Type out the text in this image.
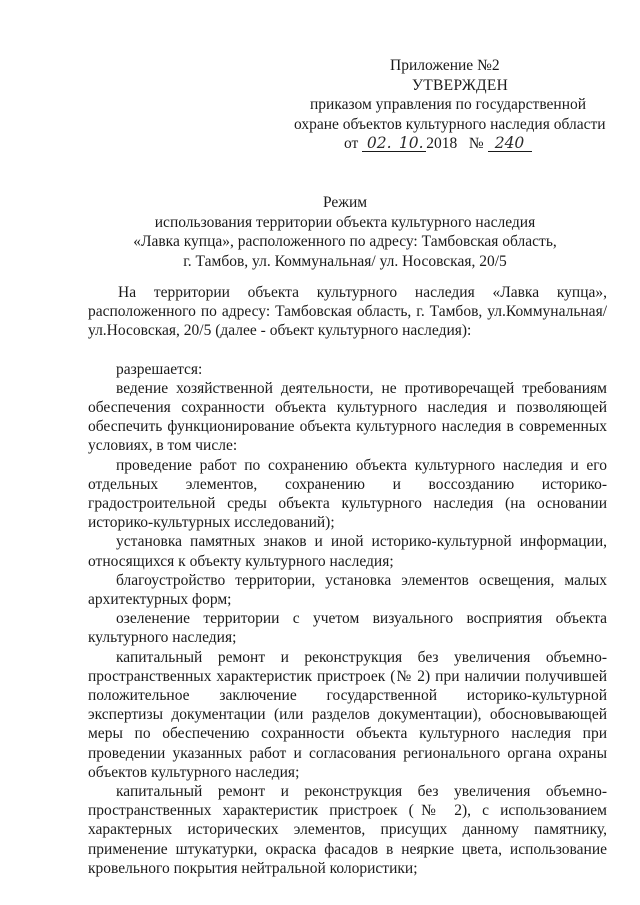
Приложение №2
УТВЕРЖДЕН
приказом управления по государственной
охране объектов культурного наследия области
от 02. 10. 2018 № 240
Режим
использования территории объекта культурного наследия
«Лавка купца», расположенного по адресу: Тамбовская область,
г. Тамбов, ул. Коммунальная/ ул. Носовская, 20/5

На территории объекта культурного наследия «Лавка купца», расположенного по адресу: Тамбовская область, г. Тамбов, ул.Коммунальная/ ул.Носовская, 20/5 (далее - объект культурного наследия):

разрешается:

ведение хозяйственной деятельности, не противоречащей требованиям обеспечения сохранности объекта культурного наследия и позволяющей обеспечить функционирование объекта культурного наследия в современных условиях, в том числе:

проведение работ по сохранению объекта культурного наследия и его отдельных элементов, сохранению и воссозданию историко-градостроительной среды объекта культурного наследия (на основании историко-культурных исследований);

установка памятных знаков и иной историко-культурной информации, относящихся к объекту культурного наследия;

благоустройство территории, установка элементов освещения, малых архитектурных форм;

озеленение территории с учетом визуального восприятия объекта культурного наследия;

капитальный ремонт и реконструкция без увеличения объемно-пространственных характеристик пристроек (№ 2) при наличии получившей положительное заключение государственной историко-культурной экспертизы документации (или разделов документации), обосновывающей меры по обеспечению сохранности объекта культурного наследия при проведении указанных работ и согласования регионального органа охраны объектов культурного наследия;

капитальный ремонт и реконструкция без увеличения объемно-пространственных характеристик пристроек (№ 2), с использованием характерных исторических элементов, присущих данному памятнику, применение штукатурки, окраска фасадов в неяркие цвета, использование кровельного покрытия нейтральной колористики;
